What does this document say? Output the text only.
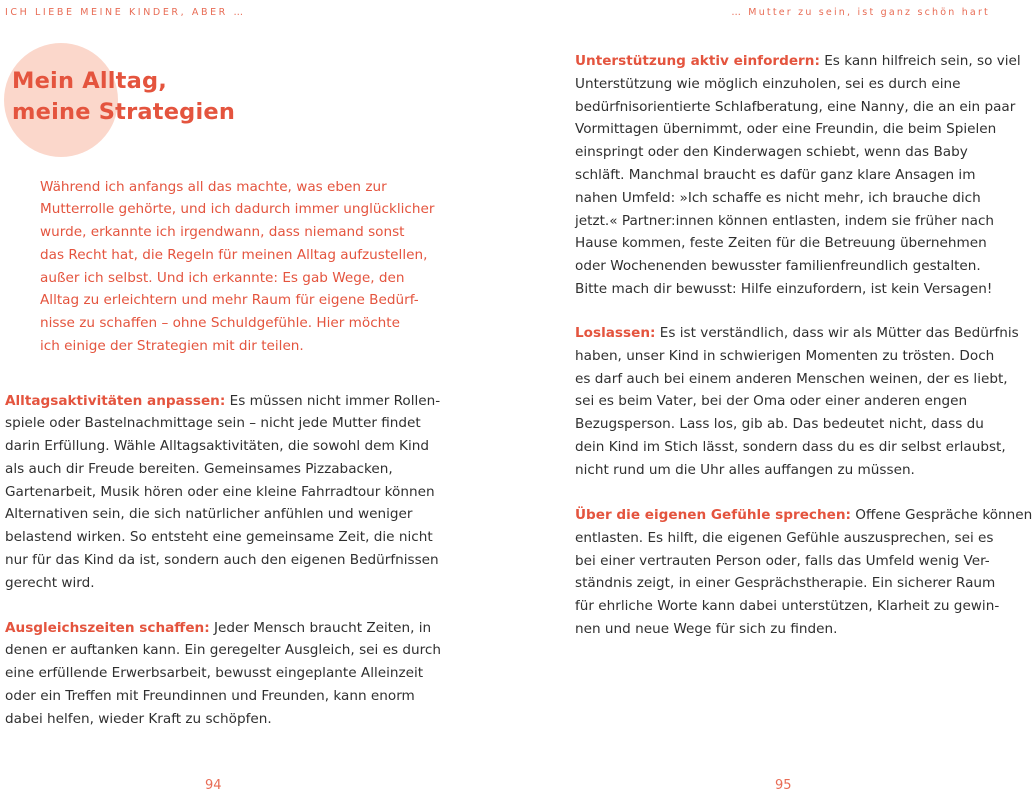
ICH LIEBE MEINE KINDER, ABER …
Mein Alltag,
meine Strategien
Während ich anfangs all das machte, was eben zur
Mutterrolle gehörte, und ich dadurch immer unglücklicher
wurde, erkannte ich irgendwann, dass niemand sonst
das Recht hat, die Regeln für meinen Alltag aufzustellen,
außer ich selbst. Und ich erkannte: Es gab Wege, den
Alltag zu erleichtern und mehr Raum für eigene Bedürf-
nisse zu schaffen – ohne Schuldgefühle. Hier möchte
ich einige der Strategien mit dir teilen.
Alltagsaktivitäten anpassen: Es müssen nicht immer Rollen-
spiele oder Bastelnachmittage sein – nicht jede Mutter findet
darin Erfüllung. Wähle Alltagsaktivitäten, die sowohl dem Kind
als auch dir Freude bereiten. Gemeinsames Pizzabacken,
Gartenarbeit, Musik hören oder eine kleine Fahrradtour können
Alternativen sein, die sich natürlicher anfühlen und weniger
belastend wirken. So entsteht eine gemeinsame Zeit, die nicht
nur für das Kind da ist, sondern auch den eigenen Bedürfnissen
gerecht wird.
Ausgleichszeiten schaffen: Jeder Mensch braucht Zeiten, in
denen er auftanken kann. Ein geregelter Ausgleich, sei es durch
eine erfüllende Erwerbsarbeit, bewusst eingeplante Alleinzeit
oder ein Treffen mit Freundinnen und Freunden, kann enorm
dabei helfen, wieder Kraft zu schöpfen.
94
… Mutter zu sein, ist ganz schön hart
Unterstützung aktiv einfordern: Es kann hilfreich sein, so viel
Unterstützung wie möglich einzuholen, sei es durch eine
bedürfnisorientierte Schlafberatung, eine Nanny, die an ein paar
Vormittagen übernimmt, oder eine Freundin, die beim Spielen
einspringt oder den Kinderwagen schiebt, wenn das Baby
schläft. Manchmal braucht es dafür ganz klare Ansagen im
nahen Umfeld: »Ich schaffe es nicht mehr, ich brauche dich
jetzt.« Partner:innen können entlasten, indem sie früher nach
Hause kommen, feste Zeiten für die Betreuung übernehmen
oder Wochenenden bewusster familienfreundlich gestalten.
Bitte mach dir bewusst: Hilfe einzufordern, ist kein Versagen!
Loslassen: Es ist verständlich, dass wir als Mütter das Bedürfnis
haben, unser Kind in schwierigen Momenten zu trösten. Doch
es darf auch bei einem anderen Menschen weinen, der es liebt,
sei es beim Vater, bei der Oma oder einer anderen engen
Bezugsperson. Lass los, gib ab. Das bedeutet nicht, dass du
dein Kind im Stich lässt, sondern dass du es dir selbst erlaubst,
nicht rund um die Uhr alles auffangen zu müssen.
Über die eigenen Gefühle sprechen: Offene Gespräche können
entlasten. Es hilft, die eigenen Gefühle auszusprechen, sei es
bei einer vertrauten Person oder, falls das Umfeld wenig Ver-
ständnis zeigt, in einer Gesprächstherapie. Ein sicherer Raum
für ehrliche Worte kann dabei unterstützen, Klarheit zu gewin-
nen und neue Wege für sich zu finden.
95
